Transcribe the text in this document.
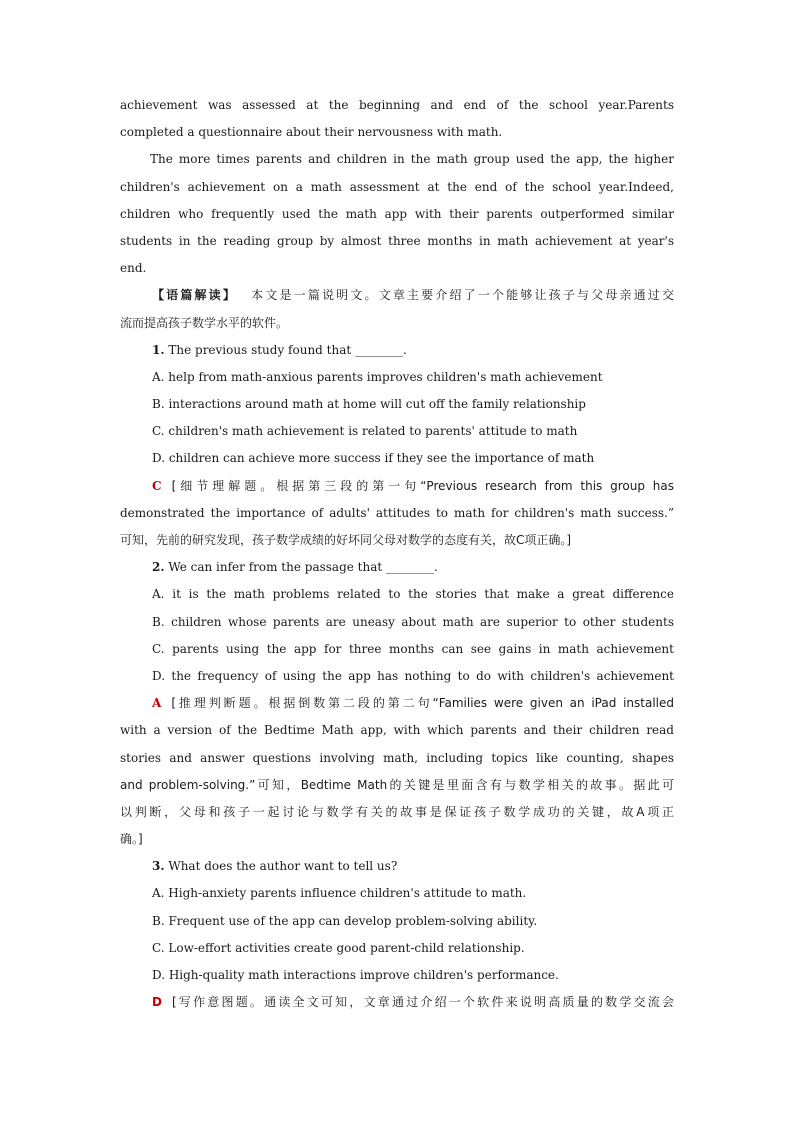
achievement was assessed at the beginning and end of the school year.Parents
completed a questionnaire about their nervousness with math.
The more times parents and children in the math group used the app, the higher
children's achievement on a math assessment at the end of the school year.Indeed,
children who frequently used the math app with their parents outperformed similar
students in the reading group by almost three months in math achievement at year's
end.
【语篇解读】 本文是一篇说明文。文章主要介绍了一个能够让孩子与父母亲通过交
流而提高孩子数学水平的软件。
1. The previous study found that ________.
A. help from math-anxious parents improves children's math achievement
B. interactions around math at home will cut off the family relationship
C. children's math achievement is related to parents' attitude to math
D. children can achieve more success if they see the importance of math
C [细节理解题。根据第三段的第一句“Previous research from this group has
demonstrated the importance of adults' attitudes to math for children's math success.”
可知，先前的研究发现，孩子数学成绩的好坏同父母对数学的态度有关，故C项正确。]
2. We can infer from the passage that ________.
A. it is the math problems related to the stories that make a great difference
B. children whose parents are uneasy about math are superior to other students
C. parents using the app for three months can see gains in math achievement
D. the frequency of using the app has nothing to do with children's achievement
A [推理判断题。根据倒数第二段的第二句“Families were given an iPad installed
with a version of the Bedtime Math app, with which parents and their children read
stories and answer questions involving math, including topics like counting, shapes
and problem-solving.”可知，Bedtime Math的关键是里面含有与数学相关的故事。据此可
以判断，父母和孩子一起讨论与数学有关的故事是保证孩子数学成功的关键，故A项正
确。]
3. What does the author want to tell us?
A. High-anxiety parents influence children's attitude to math.
B. Frequent use of the app can develop problem-solving ability.
C. Low-effort activities create good parent-child relationship.
D. High-quality math interactions improve children's performance.
D [写作意图题。通读全文可知，文章通过介绍一个软件来说明高质量的数学交流会
